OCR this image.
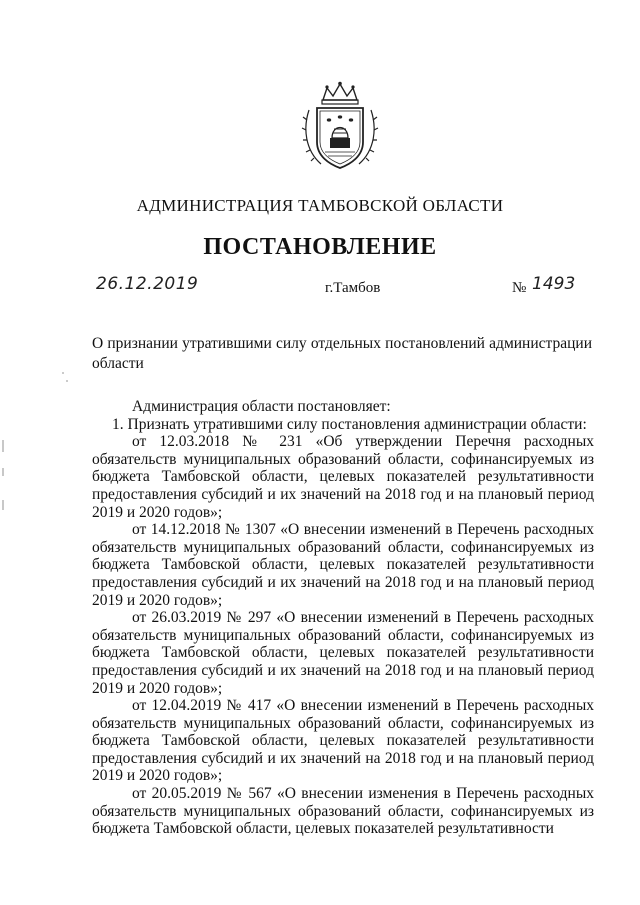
АДМИНИСТРАЦИЯ ТАМБОВСКОЙ ОБЛАСТИ
ПОСТАНОВЛЕНИЕ
26.12.2019	г.Тамбов	№ 1493
О признании утратившими силу отдельных постановлений администрации области

Администрация области постановляет:

1. Признать утратившими силу постановления администрации области:

от 12.03.2018 № 231 «Об утверждении Перечня расходных обязательств муниципальных образований области, софинансируемых из бюджета Тамбовской области, целевых показателей результативности предоставления субсидий и их значений на 2018 год и на плановый период 2019 и 2020 годов»;

от 14.12.2018 № 1307 «О внесении изменений в Перечень расходных обязательств муниципальных образований области, софинансируемых из бюджета Тамбовской области, целевых показателей результативности предоставления субсидий и их значений на 2018 год и на плановый период 2019 и 2020 годов»;

от 26.03.2019 № 297 «О внесении изменений в Перечень расходных обязательств муниципальных образований области, софинансируемых из бюджета Тамбовской области, целевых показателей результативности предоставления субсидий и их значений на 2018 год и на плановый период 2019 и 2020 годов»;

от 12.04.2019 № 417 «О внесении изменений в Перечень расходных обязательств муниципальных образований области, софинансируемых из бюджета Тамбовской области, целевых показателей результативности предоставления субсидий и их значений на 2018 год и на плановый период 2019 и 2020 годов»;

от 20.05.2019 № 567 «О внесении изменения в Перечень расходных обязательств муниципальных образований области, софинансируемых из бюджета Тамбовской области, целевых показателей результативности
